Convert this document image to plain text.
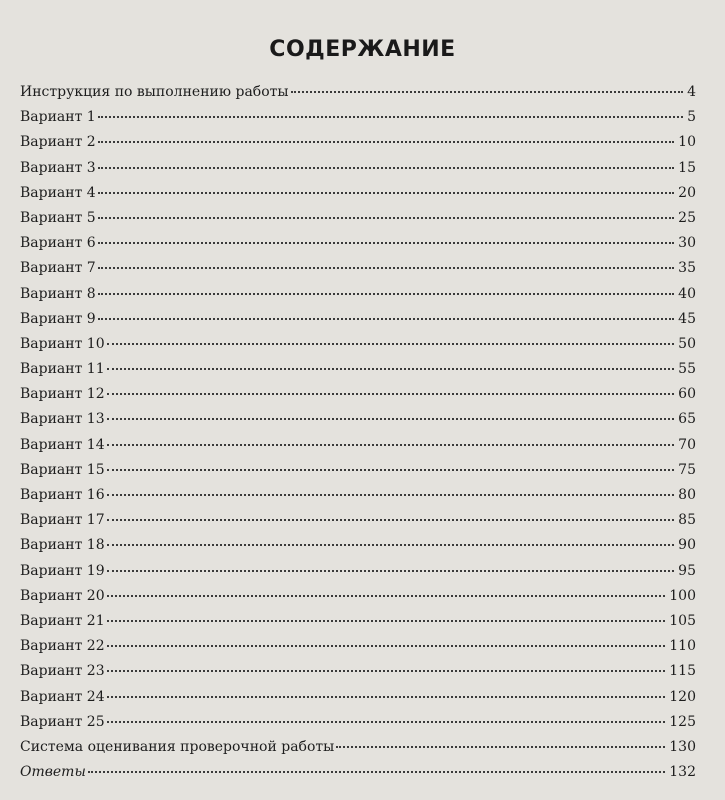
СОДЕРЖАНИЕ
Инструкция по выполнению работы	4
Вариант 1	5
Вариант 2	10
Вариант 3	15
Вариант 4	20
Вариант 5	25
Вариант 6	30
Вариант 7	35
Вариант 8	40
Вариант 9	45
Вариант 10	50
Вариант 11	55
Вариант 12	60
Вариант 13	65
Вариант 14	70
Вариант 15	75
Вариант 16	80
Вариант 17	85
Вариант 18	90
Вариант 19	95
Вариант 20	100
Вариант 21	105
Вариант 22	110
Вариант 23	115
Вариант 24	120
Вариант 25	125
Система оценивания проверочной работы	130
Ответы	132
